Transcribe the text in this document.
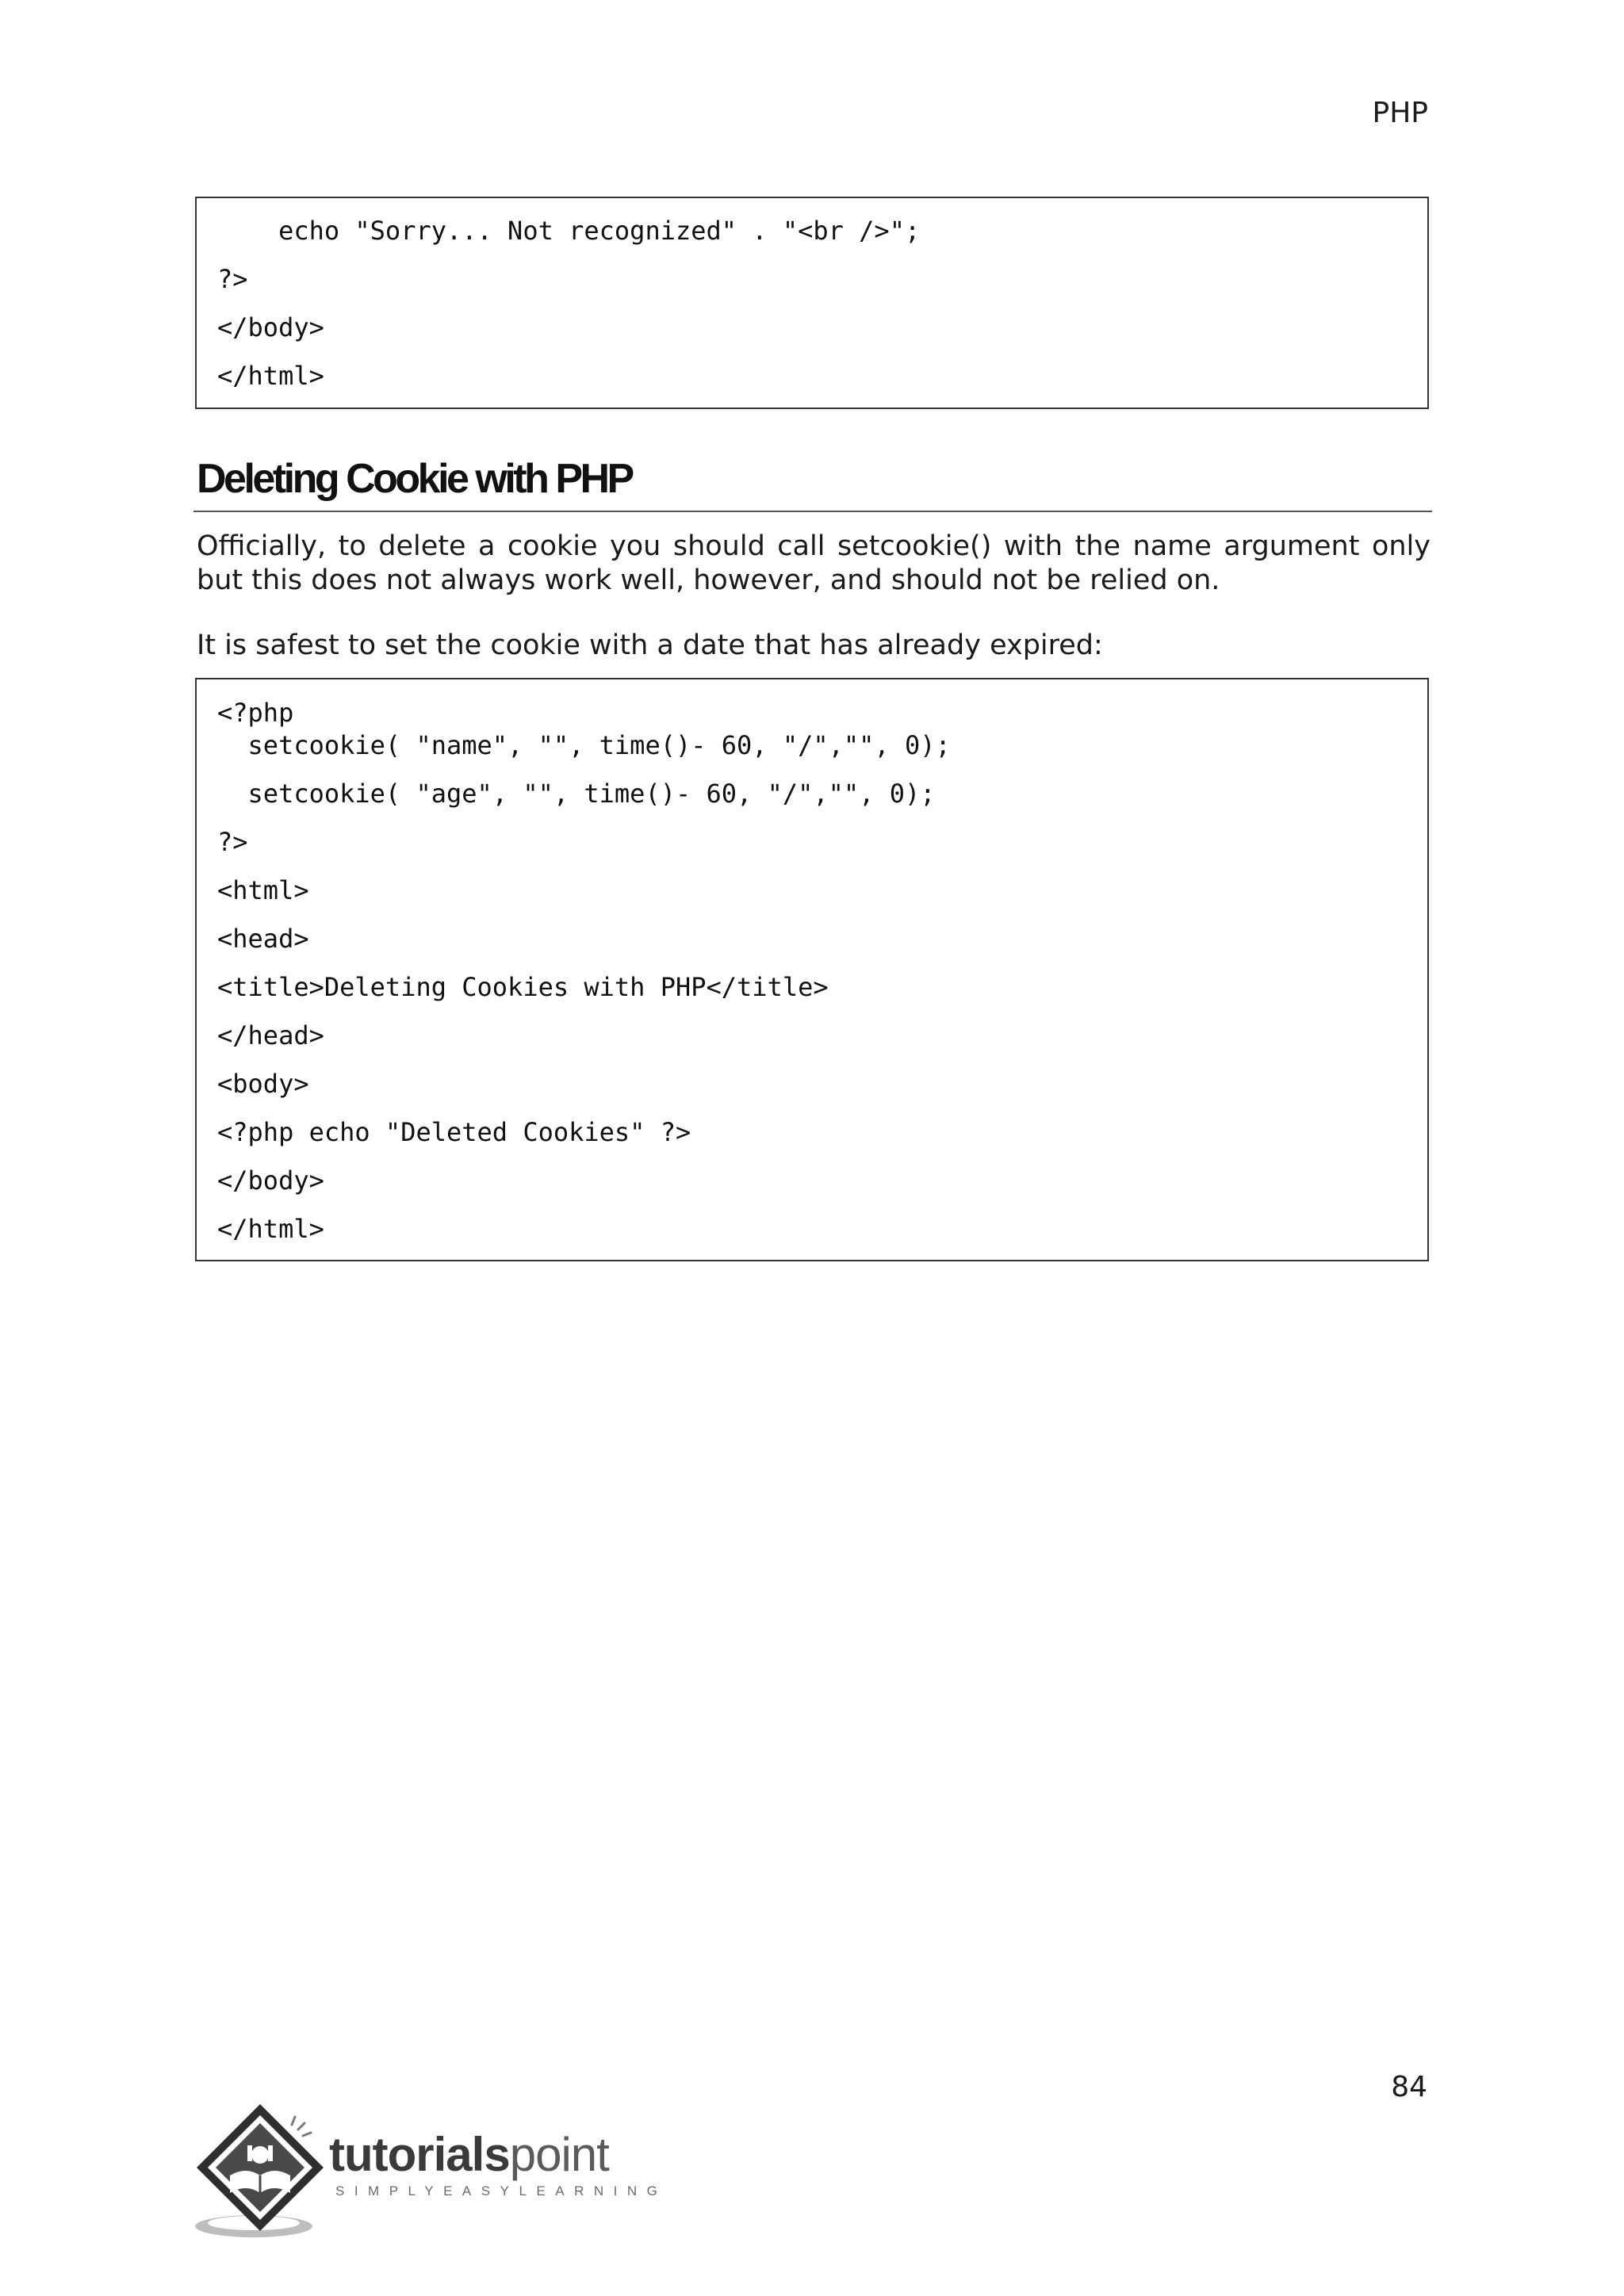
PHP
echo "Sorry... Not recognized" . "<br />";
?>
</body>
</html>
Deleting Cookie with PHP

Officially, to delete a cookie you should call setcookie() with the name argument only but this does not always work well, however, and should not be relied on.

It is safest to set the cookie with a date that has already expired:

<?php
setcookie( "name", "", time()- 60, "/","", 0);
setcookie( "age", "", time()- 60, "/","", 0);
?>
<html>
<head>
<title>Deleting Cookies with PHP</title>
</head>
<body>
<?php echo "Deleted Cookies" ?>
</body>
</html>
84
tutorialspoint
SIMPLYEASYLEARNING
